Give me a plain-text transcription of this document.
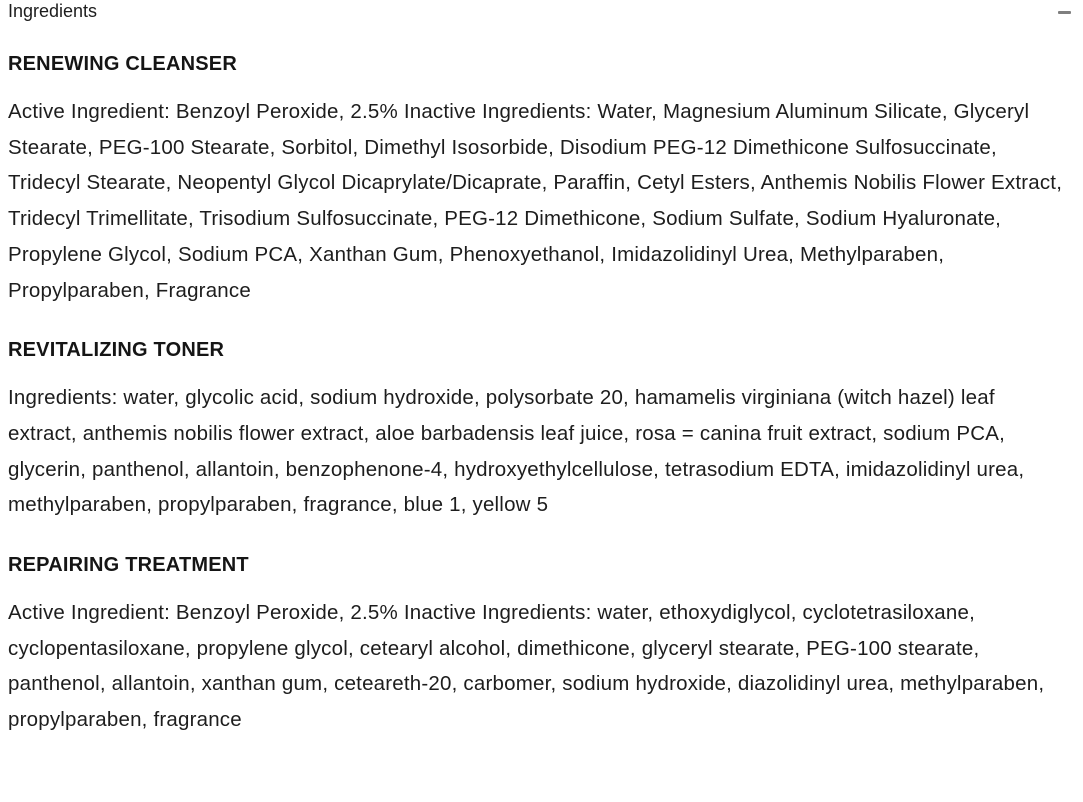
Ingredients
RENEWING CLEANSER

Active Ingredient: Benzoyl Peroxide, 2.5% Inactive Ingredients: Water, Magnesium Aluminum Silicate, Glyceryl Stearate, PEG-100 Stearate, Sorbitol, Dimethyl Isosorbide, Disodium PEG-12 Dimethicone Sulfosuccinate, Tridecyl Stearate, Neopentyl Glycol Dicaprylate/Dicaprate, Paraffin, Cetyl Esters, Anthemis Nobilis Flower Extract, Tridecyl Trimellitate, Trisodium Sulfosuccinate, PEG-12 Dimethicone, Sodium Sulfate, Sodium Hyaluronate, Propylene Glycol, Sodium PCA, Xanthan Gum, Phenoxyethanol, Imidazolidinyl Urea, Methylparaben, Propylparaben, Fragrance

REVITALIZING TONER

Ingredients: water, glycolic acid, sodium hydroxide, polysorbate 20, hamamelis virginiana (witch hazel) leaf extract, anthemis nobilis flower extract, aloe barbadensis leaf juice, rosa = canina fruit extract, sodium PCA, glycerin, panthenol, allantoin, benzophenone-4, hydroxyethylcellulose, tetrasodium EDTA, imidazolidinyl urea, methylparaben, propylparaben, fragrance, blue 1, yellow 5

REPAIRING TREATMENT

Active Ingredient: Benzoyl Peroxide, 2.5% Inactive Ingredients: water, ethoxydiglycol, cyclotetrasiloxane, cyclopentasiloxane, propylene glycol, cetearyl alcohol, dimethicone, glyceryl stearate, PEG-100 stearate, panthenol, allantoin, xanthan gum, ceteareth-20, carbomer, sodium hydroxide, diazolidinyl urea, methylparaben, propylparaben, fragrance
